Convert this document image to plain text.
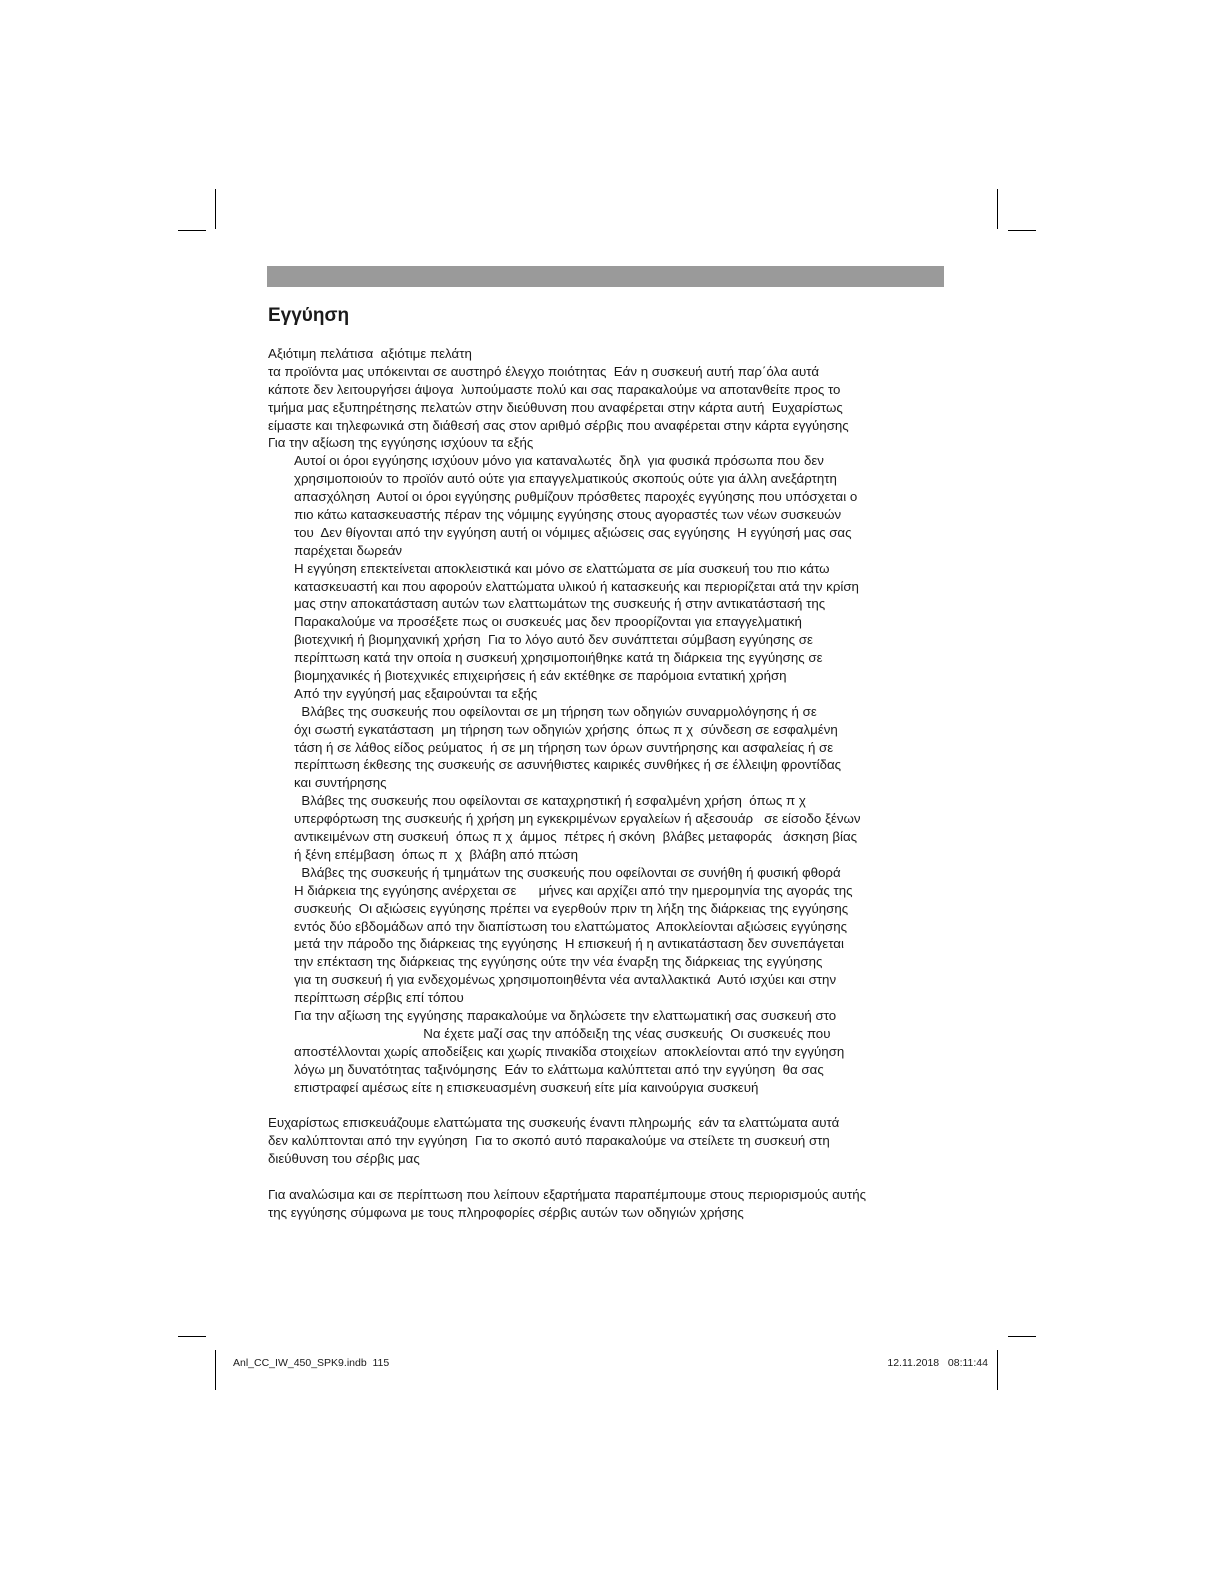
Εγγύηση
Αξιότιμη πελάτισα  αξιότιμε πελάτη
τα προϊόντα μας υπόκεινται σε αυστηρό έλεγχο ποιότητας  Εάν η συσκευή αυτή παρ΄όλα αυτά
κάποτε δεν λειτουργήσει άψογα  λυπούμαστε πολύ και σας παρακαλούμε να αποτανθείτε προς το
τμήμα μας εξυπηρέτησης πελατών στην διεύθυνση που αναφέρεται στην κάρτα αυτή  Ευχαρίστως
είμαστε και τηλεφωνικά στη διάθεσή σας στον αριθμό σέρβις που αναφέρεται στην κάρτα εγγύησης
Για την αξίωση της εγγύησης ισχύουν τα εξής
Αυτοί οι όροι εγγύησης ισχύουν μόνο για καταναλωτές  δηλ  για φυσικά πρόσωπα που δεν
χρησιμοποιούν το προϊόν αυτό ούτε για επαγγελματικούς σκοπούς ούτε για άλλη ανεξάρτητη
απασχόληση  Αυτοί οι όροι εγγύησης ρυθμίζουν πρόσθετες παροχές εγγύησης που υπόσχεται ο
πιο κάτω κατασκευαστής πέραν της νόμιμης εγγύησης στους αγοραστές των νέων συσκευών
του  Δεν θίγονται από την εγγύηση αυτή οι νόμιμες αξιώσεις σας εγγύησης  Η εγγύησή μας σας
παρέχεται δωρεάν
Η εγγύηση επεκτείνεται αποκλειστικά και μόνο σε ελαττώματα σε μία συσκευή του πιο κάτω
κατασκευαστή και που αφορούν ελαττώματα υλικού ή κατασκευής και περιορίζεται ατά την κρίση
μας στην αποκατάσταση αυτών των ελαττωμάτων της συσκευής ή στην αντικατάστασή της
Παρακαλούμε να προσέξετε πως οι συσκευές μας δεν προορίζονται για επαγγελματική
βιοτεχνική ή βιομηχανική χρήση  Για το λόγο αυτό δεν συνάπτεται σύμβαση εγγύησης σε
περίπτωση κατά την οποία η συσκευή χρησιμοποιήθηκε κατά τη διάρκεια της εγγύησης σε
βιομηχανικές ή βιοτεχνικές επιχειρήσεις ή εάν εκτέθηκε σε παρόμοια εντατική χρήση
Από την εγγύησή μας εξαιρούνται τα εξής
Βλάβες της συσκευής που οφείλονται σε μη τήρηση των οδηγιών συναρμολόγησης ή σε
όχι σωστή εγκατάσταση  μη τήρηση των οδηγιών χρήσης  όπως π χ  σύνδεση σε εσφαλμένη
τάση ή σε λάθος είδος ρεύματος  ή σε μη τήρηση των όρων συντήρησης και ασφαλείας ή σε
περίπτωση έκθεσης της συσκευής σε ασυνήθιστες καιρικές συνθήκες ή σε έλλειψη φροντίδας
και συντήρησης
Βλάβες της συσκευής που οφείλονται σε καταχρηστική ή εσφαλμένη χρήση  όπως π χ
υπερφόρτωση της συσκευής ή χρήση μη εγκεκριμένων εργαλείων ή αξεσουάρ   σε είσοδο ξένων
αντικειμένων στη συσκευή  όπως π χ  άμμος  πέτρες ή σκόνη  βλάβες μεταφοράς   άσκηση βίας
ή ξένη επέμβαση  όπως π  χ  βλάβη από πτώση
Βλάβες της συσκευής ή τμημάτων της συσκευής που οφείλονται σε συνήθη ή φυσική φθορά
Η διάρκεια της εγγύησης ανέρχεται σε      μήνες και αρχίζει από την ημερομηνία της αγοράς της
συσκευής  Οι αξιώσεις εγγύησης πρέπει να εγερθούν πριν τη λήξη της διάρκειας της εγγύησης
εντός δύο εβδομάδων από την διαπίστωση του ελαττώματος  Αποκλείονται αξιώσεις εγγύησης
μετά την πάροδο της διάρκειας της εγγύησης  Η επισκευή ή η αντικατάσταση δεν συνεπάγεται
την επέκταση της διάρκειας της εγγύησης ούτε την νέα έναρξη της διάρκειας της εγγύησης
για τη συσκευή ή για ενδεχομένως χρησιμοποιηθέντα νέα ανταλλακτικά  Αυτό ισχύει και στην
περίπτωση σέρβις επί τόπου
Για την αξίωση της εγγύησης παρακαλούμε να δηλώσετε την ελαττωματική σας συσκευή στο
Να έχετε μαζί σας την απόδειξη της νέας συσκευής  Οι συσκευές που
αποστέλλονται χωρίς αποδείξεις και χωρίς πινακίδα στοιχείων  αποκλείονται από την εγγύηση
λόγω μη δυνατότητας ταξινόμησης  Εάν το ελάττωμα καλύπτεται από την εγγύηση  θα σας
επιστραφεί αμέσως είτε η επισκευασμένη συσκευή είτε μία καινούργια συσκευή
Ευχαρίστως επισκευάζουμε ελαττώματα της συσκευής έναντι πληρωμής  εάν τα ελαττώματα αυτά
δεν καλύπτονται από την εγγύηση  Για το σκοπό αυτό παρακαλούμε να στείλετε τη συσκευή στη
διεύθυνση του σέρβις μας
Για αναλώσιμα και σε περίπτωση που λείπουν εξαρτήματα παραπέμπουμε στους περιορισμούς αυτής
της εγγύησης σύμφωνα με τους πληροφορίες σέρβις αυτών των οδηγιών χρήσης
Anl_CC_IW_450_SPK9.indb  115	12.11.2018   08:11:44
